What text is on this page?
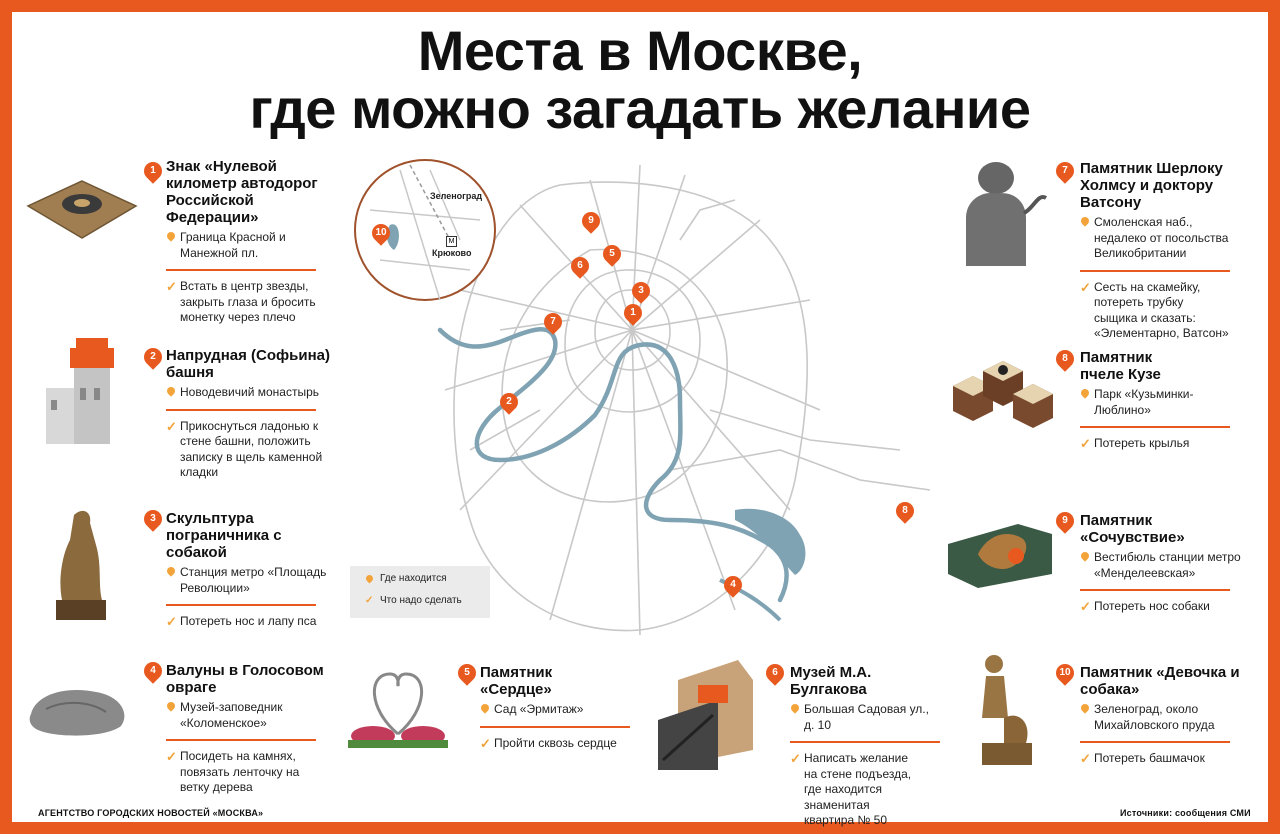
Места в Москве,
где можно загадать желание
Зеленоград
Крюково
M
1
2
3
4
5
6
7
8
9
10
Где находится
✓ Что надо сделать
1 Знак «Нулевой километр автодорог Российской Федерации»
Граница Красной и Манежной пл.
✓ Встать в центр звезды, закрыть глаза и бросить монетку через плечо
2 Напрудная (Софьина) башня
Новодевичий монастырь
✓ Прикоснуться ладонью к стене башни, положить записку в щель каменной кладки
3 Скульптура пограничника с собакой
Станция метро «Площадь Революции»
✓ Потереть нос и лапу пса
4 Валуны в Голосовом овраге
Музей-заповедник «Коломенское»
✓ Посидеть на камнях, повязать ленточку на ветку дерева
5 Памятник «Сердце»
Сад «Эрмитаж»
✓ Пройти сквозь сердце
6 Музей М.А. Булгакова
Большая Садовая ул., д. 10
✓ Написать желание на стене подъезда, где находится знаменитая квартира № 50
7 Памятник Шерлоку Холмсу и доктору Ватсону
Смоленская наб., недалеко от посольства Великобритании
✓ Сесть на скамейку, потереть трубку сыщика и сказать: «Элементарно, Ватсон»
8 Памятник пчеле Кузе
Парк «Кузьминки-Люблино»
✓ Потереть крылья
9 Памятник «Сочувствие»
Вестибюль станции метро «Менделеевская»
✓ Потереть нос собаки
10 Памятник «Девочка и собака»
Зеленоград, около Михайловского пруда
✓ Потереть башмачок
АГЕНТСТВО ГОРОДСКИХ НОВОСТЕЙ «МОСКВА»	Источники: сообщения СМИ
